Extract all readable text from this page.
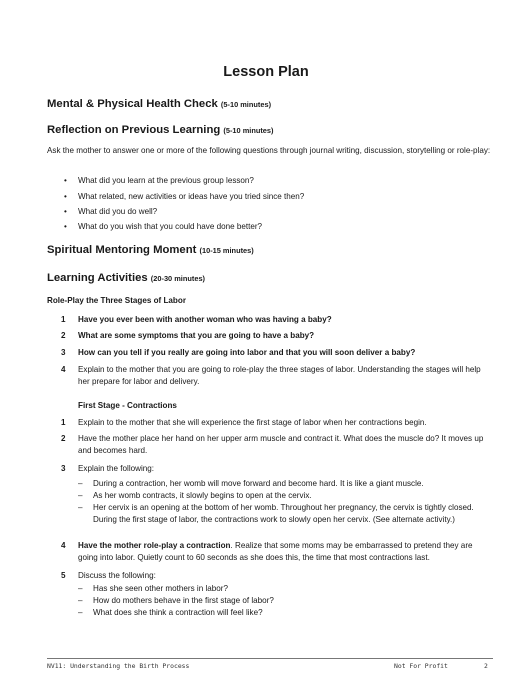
Lesson Plan
Mental & Physical Health Check (5-10 minutes)
Reflection on Previous Learning (5-10 minutes)
Ask the mother to answer one or more of the following questions through journal writing, discussion, storytelling or role-play:
• What did you learn at the previous group lesson?
• What related, new activities or ideas have you tried since then?
• What did you do well?
• What do you wish that you could have done better?
Spiritual Mentoring Moment (10-15 minutes)
Learning Activities (20-30 minutes)
Role-Play the Three Stages of Labor
1 Have you ever been with another woman who was having a baby?
2 What are some symptoms that you are going to have a baby?
3 How can you tell if you really are going into labor and that you will soon deliver a baby?
4 Explain to the mother that you are going to role-play the three stages of labor. Understanding the stages will help her prepare for labor and delivery.
First Stage - Contractions
1 Explain to the mother that she will experience the first stage of labor when her contractions begin.
2 Have the mother place her hand on her upper arm muscle and contract it. What does the muscle do? It moves up and becomes hard.
3 Explain the following:
– During a contraction, her womb will move forward and become hard. It is like a giant muscle.
– As her womb contracts, it slowly begins to open at the cervix.
– Her cervix is an opening at the bottom of her womb. Throughout her pregnancy, the cervix is tightly closed. During the first stage of labor, the contractions work to slowly open her cervix. (See alternate activity.)
4 Have the mother role-play a contraction. Realize that some moms may be embarrassed to pretend they are going into labor. Quietly count to 60 seconds as she does this, the time that most contractions last.
5 Discuss the following:
– Has she seen other mothers in labor?
– How do mothers behave in the first stage of labor?
– What does she think a contraction will feel like?
NV11: Understanding the Birth Process	Not For Profit	2
